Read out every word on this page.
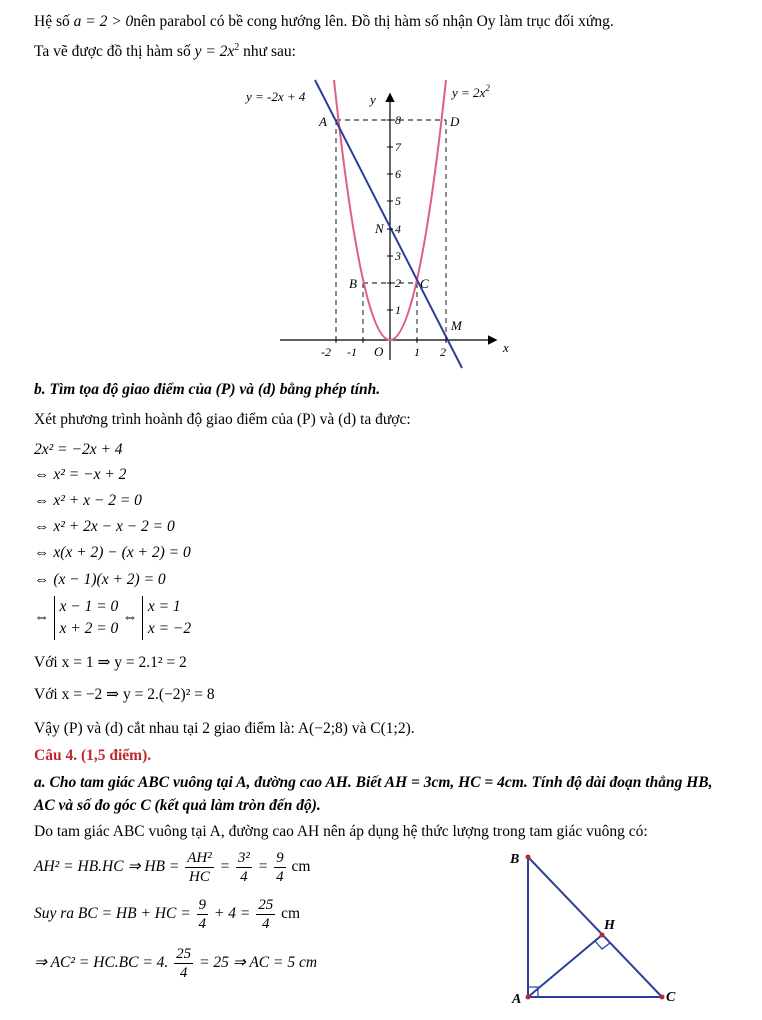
Hệ số a = 2 > 0nên parabol có bề cong hướng lên. Đồ thị hàm số nhận Oy làm trục đối xứng.
Ta vẽ được đồ thị hàm số $y = 2x^2$ như sau:
y = -2x + 4	$y = 2x^2$
y
x
O
A	D
N
B	C
M
8
7
6
5
4
3
2
1
-2 -1	1 2
b. Tìm tọa độ giao điểm của (P) và (d) bằng phép tính.
Xét phương trình hoành độ giao điểm của (P) và (d) ta được:
2x² = −2x + 4
⇔ x² = −x + 2
⇔ x² + x − 2 = 0
⇔ x² + 2x − x − 2 = 0
⇔ x(x + 2) − (x + 2) = 0
⇔ (x − 1)(x + 2) = 0
⇔
x − 1 = 0
x + 2 = 0
⇔
x = 1
x = −2
Với x = 1 ⇒ y = 2.1² = 2
Với x = −2 ⇒ y = 2.(−2)² = 8
Vậy (P) và (d) cắt nhau tại 2 giao điểm là: A(−2;8) và C(1;2).
Câu 4. (1,5 điểm).
a. Cho tam giác ABC vuông tại A, đường cao AH. Biết AH = 3cm, HC = 4cm. Tính độ dài đoạn thẳng HB,
AC và số đo góc C (kết quả làm tròn đến độ).
Do tam giác ABC vuông tại A, đường cao AH nên áp dụng hệ thức lượng trong tam giác vuông có:
AH² = HB.HC ⇒ HB = $\frac{\text{AH²}}{HC} = \frac{\text{3²}}{4} = \frac{9}{4}$ cm
Suy ra BC = HB + HC = $\frac{9}{4} + 4 = \frac{25}{4}$ cm
⇒ AC² = HC.BC = 4. $\frac{25}{4} = 25$ ⇒ AC = 5 cm
B
H
A	C
